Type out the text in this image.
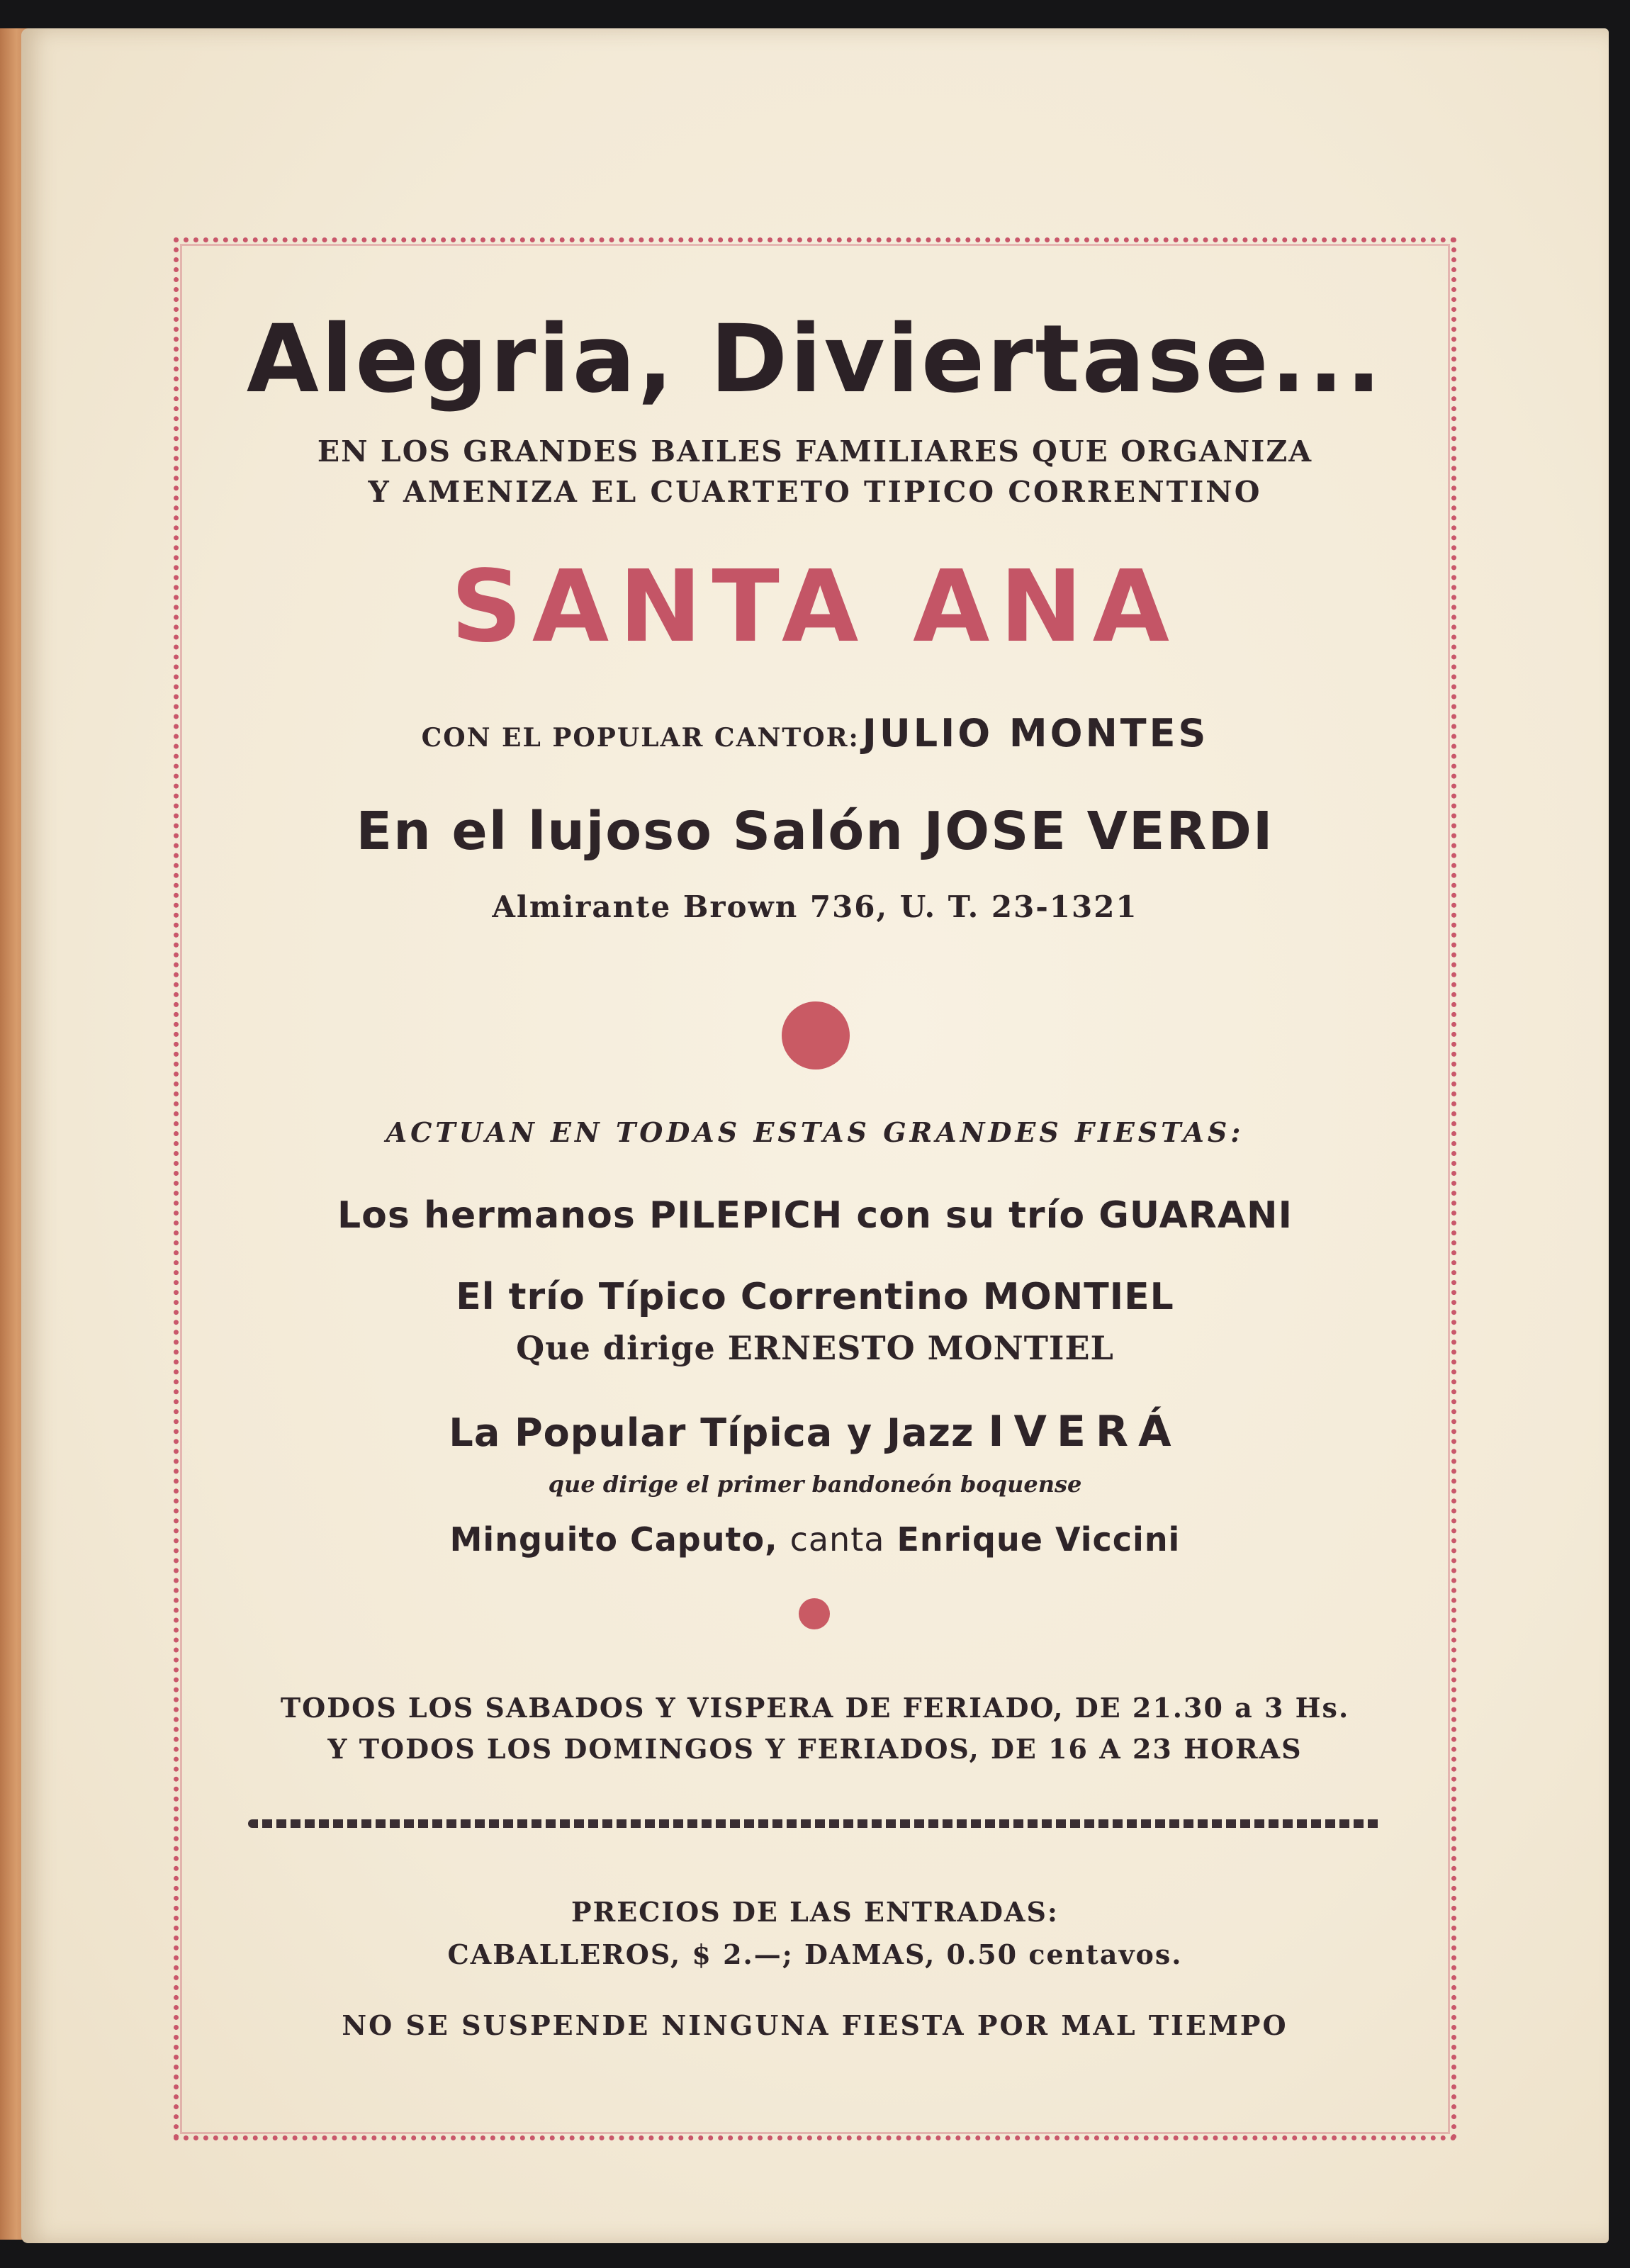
Alegria, Diviertase...
EN LOS GRANDES BAILES FAMILIARES QUE ORGANIZA
Y AMENIZA EL CUARTETO TIPICO CORRENTINO
SANTA ANA
CON EL POPULAR CANTOR: JULIO MONTES
En el lujoso Salón JOSE VERDI
Almirante Brown 736, U. T. 23-1321
ACTUAN EN TODAS ESTAS GRANDES FIESTAS:
Los hermanos PILEPICH con su trío GUARANI
El trío Típico Correntino MONTIEL
Que dirige ERNESTO MONTIEL
La Popular Típica y Jazz IVERÁ
que dirige el primer bandoneón boquense
Minguito Caputo, canta Enrique Viccini
TODOS LOS SABADOS Y VISPERA DE FERIADO, DE 21.30 a 3 Hs.
Y TODOS LOS DOMINGOS Y FERIADOS, DE 16 A 23 HORAS
PRECIOS DE LAS ENTRADAS:
CABALLEROS, $ 2.—; DAMAS, 0.50 centavos.
NO SE SUSPENDE NINGUNA FIESTA POR MAL TIEMPO
